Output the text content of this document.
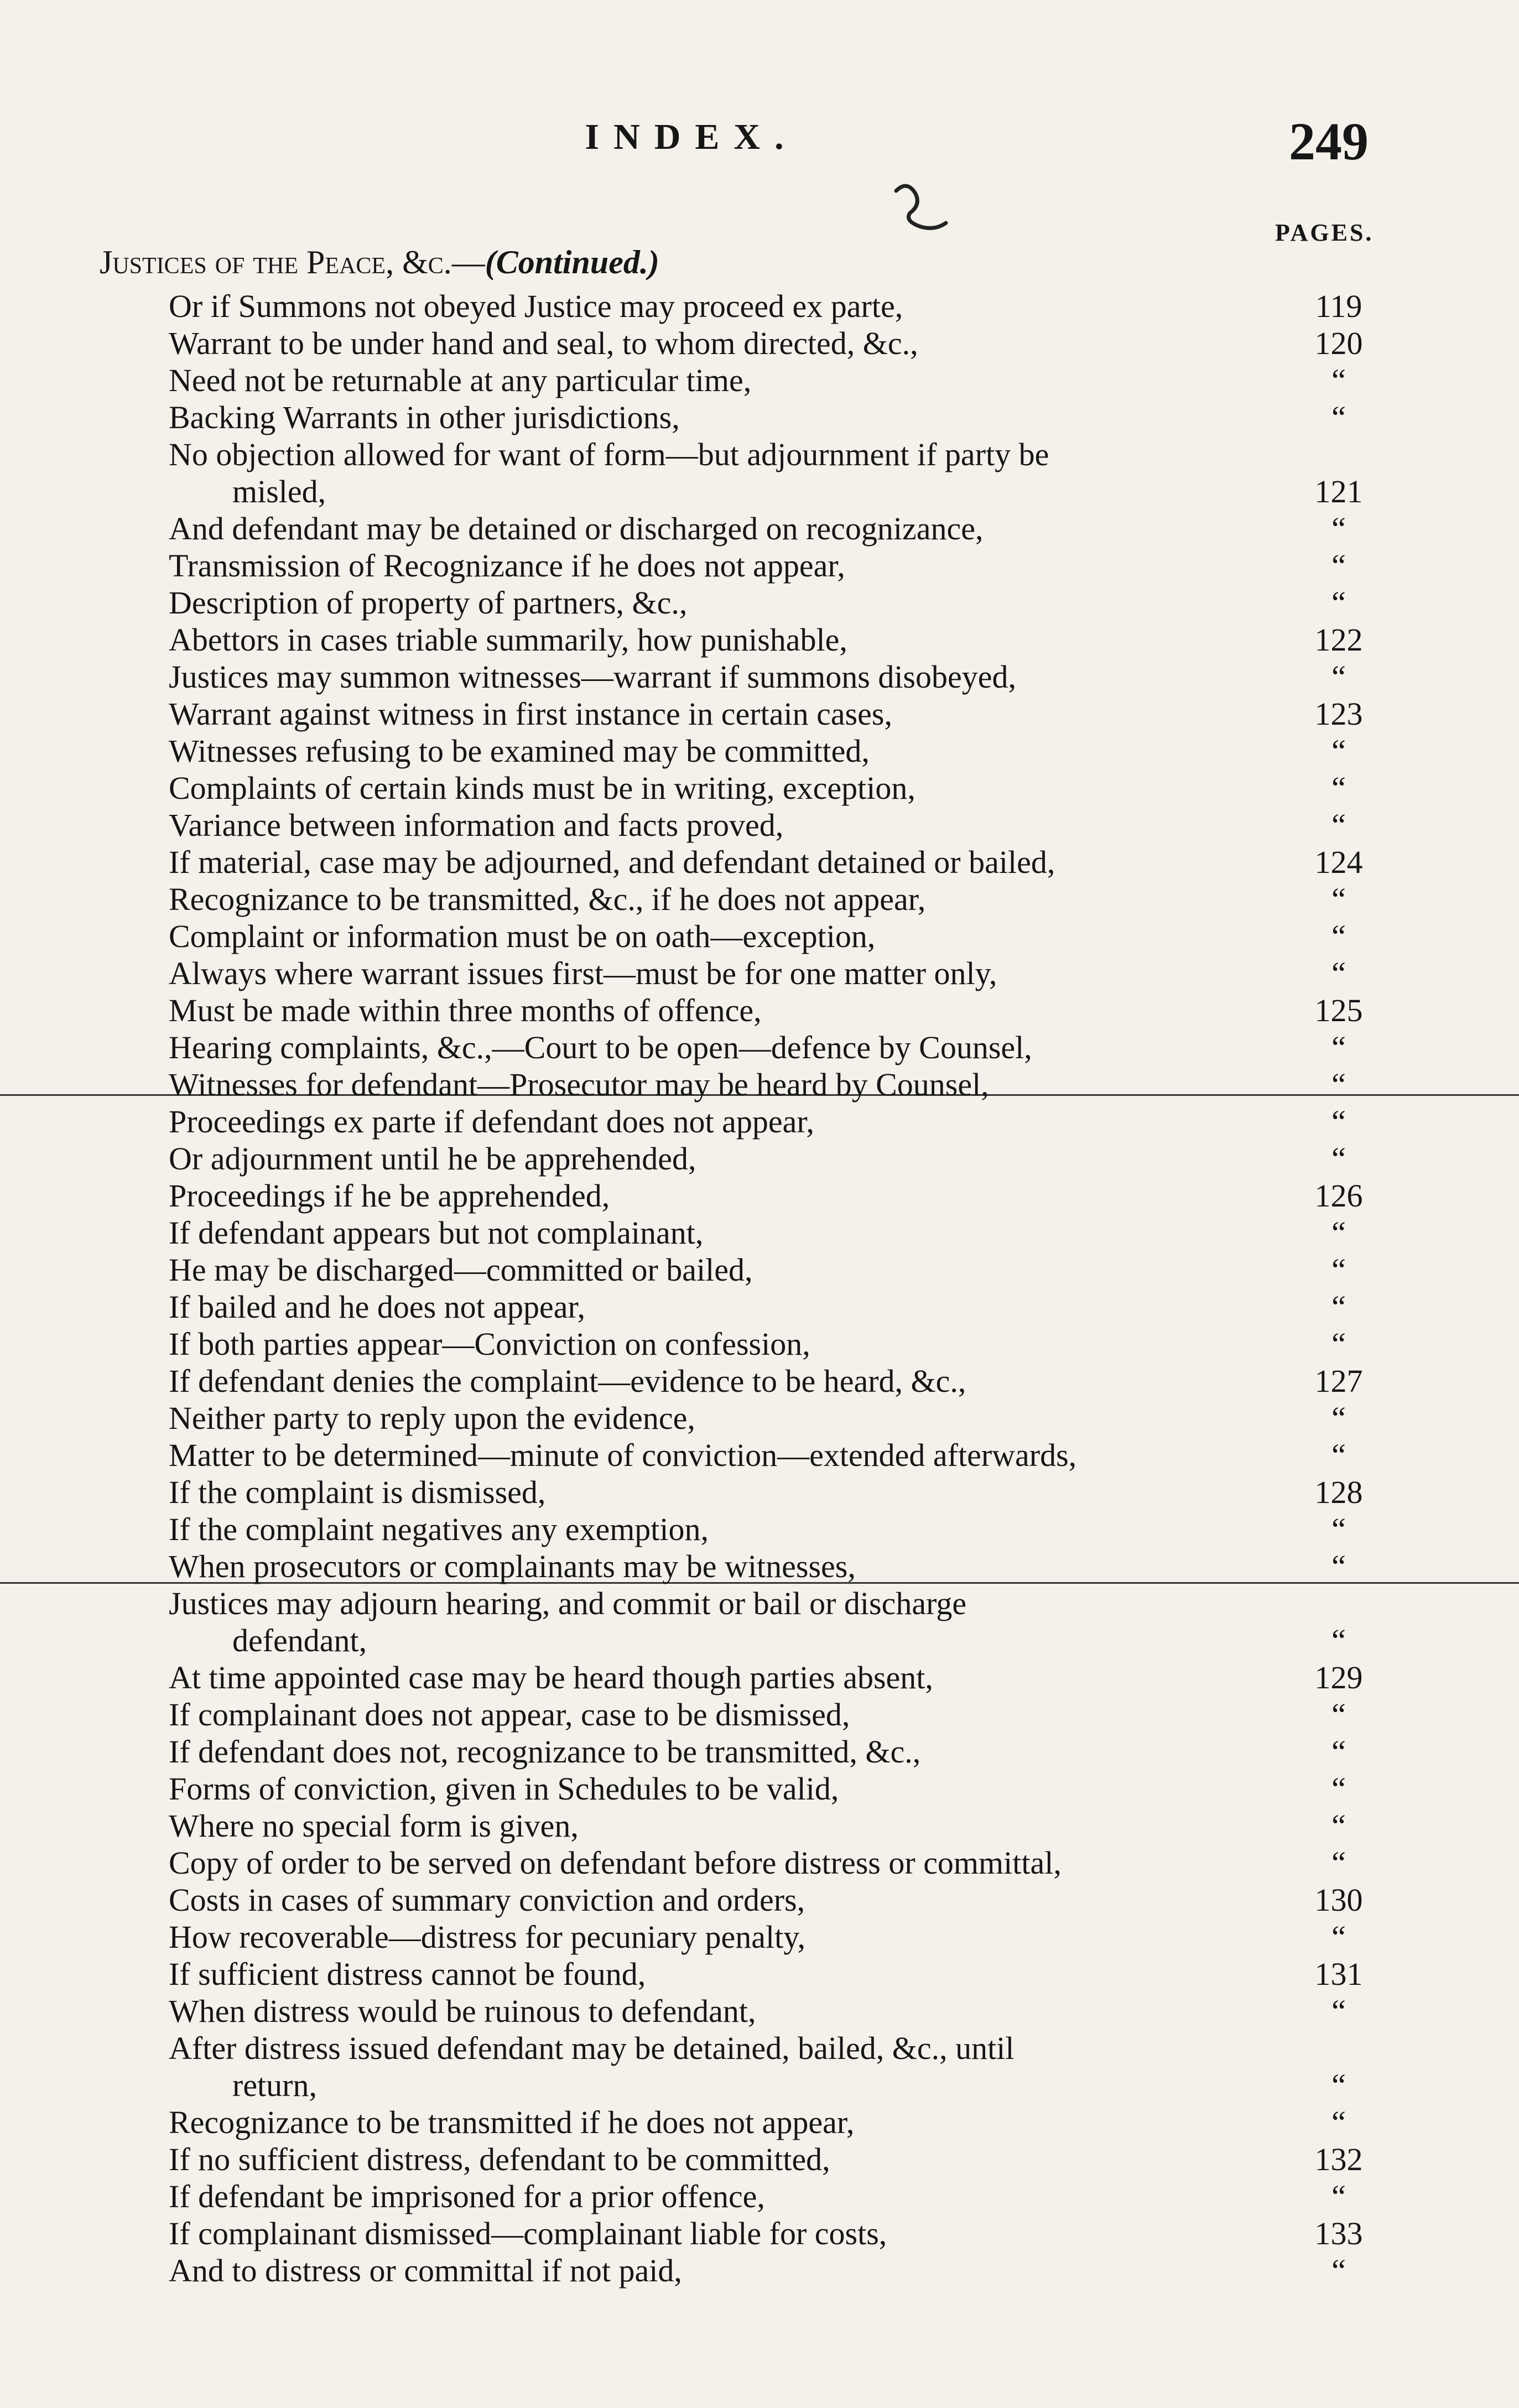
INDEX.	249
PAGES.
Justices of the Peace, &c.—(Continued.)
Or if Summons not obeyed Justice may proceed ex parte,	119
Warrant to be under hand and seal, to whom directed, &c.,	120
Need not be returnable at any particular time,	“
Backing Warrants in other jurisdictions,	“
No objection allowed for want of form—but adjournment if party be
misled,	121
And defendant may be detained or discharged on recognizance,	“
Transmission of Recognizance if he does not appear,	“
Description of property of partners, &c.,	“
Abettors in cases triable summarily, how punishable,	122
Justices may summon witnesses—warrant if summons disobeyed,	“
Warrant against witness in first instance in certain cases,	123
Witnesses refusing to be examined may be committed,	“
Complaints of certain kinds must be in writing, exception,	“
Variance between information and facts proved,	“
If material, case may be adjourned, and defendant detained or bailed,	124
Recognizance to be transmitted, &c., if he does not appear,	“
Complaint or information must be on oath—exception,	“
Always where warrant issues first—must be for one matter only,	“
Must be made within three months of offence,	125
Hearing complaints, &c.,—Court to be open—defence by Counsel,	“
Witnesses for defendant—Prosecutor may be heard by Counsel,	“
Proceedings ex parte if defendant does not appear,	“
Or adjournment until he be apprehended,	“
Proceedings if he be apprehended,	126
If defendant appears but not complainant,	“
He may be discharged—committed or bailed,	“
If bailed and he does not appear,	“
If both parties appear—Conviction on confession,	“
If defendant denies the complaint—evidence to be heard, &c.,	127
Neither party to reply upon the evidence,	“
Matter to be determined—minute of conviction—extended afterwards,	“
If the complaint is dismissed,	128
If the complaint negatives any exemption,	“
When prosecutors or complainants may be witnesses,	“
Justices may adjourn hearing, and commit or bail or discharge
defendant,	“
At time appointed case may be heard though parties absent,	129
If complainant does not appear, case to be dismissed,	“
If defendant does not, recognizance to be transmitted, &c.,	“
Forms of conviction, given in Schedules to be valid,	“
Where no special form is given,	“
Copy of order to be served on defendant before distress or committal,	“
Costs in cases of summary conviction and orders,	130
How recoverable—distress for pecuniary penalty,	“
If sufficient distress cannot be found,	131
When distress would be ruinous to defendant,	“
After distress issued defendant may be detained, bailed, &c., until
return,	“
Recognizance to be transmitted if he does not appear,	“
If no sufficient distress, defendant to be committed,	132
If defendant be imprisoned for a prior offence,	“
If complainant dismissed—complainant liable for costs,	133
And to distress or committal if not paid,	“
